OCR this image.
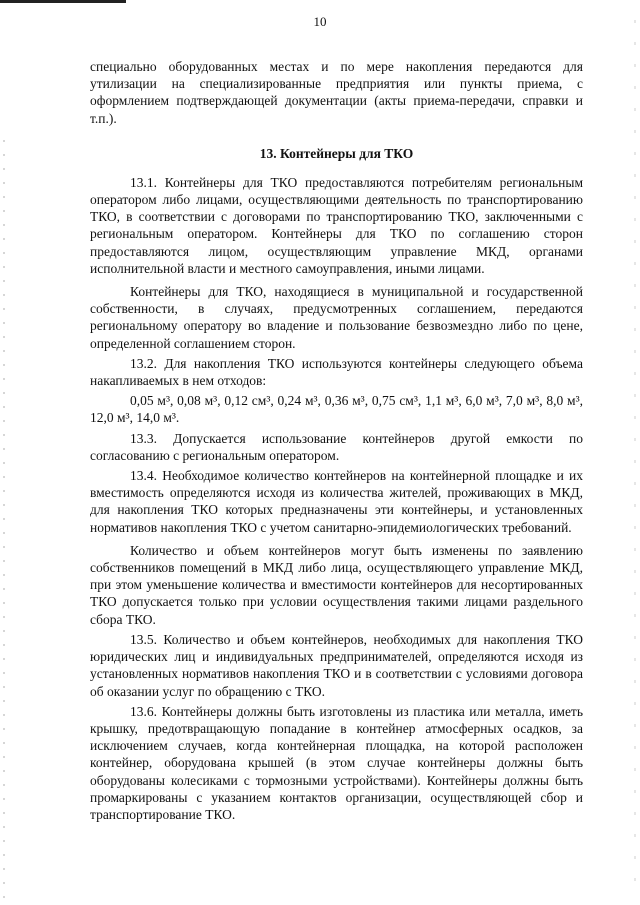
10

специально оборудованных местах и по мере накопления передаются для утилизации на специализированные предприятия или пункты приема, с оформлением подтверждающей документации (акты приема-передачи, справки и т.п.).

13. Контейнеры для ТКО

13.1. Контейнеры для ТКО предоставляются потребителям региональным оператором либо лицами, осуществляющими деятельность по транспортированию ТКО, в соответствии с договорами по транспортированию ТКО, заключенными с региональным оператором. Контейнеры для ТКО по соглашению сторон предоставляются лицом, осуществляющим управление МКД, органами исполнительной власти и местного самоуправления, иными лицами.

Контейнеры для ТКО, находящиеся в муниципальной и государственной собственности, в случаях, предусмотренных соглашением, передаются региональному оператору во владение и пользование безвозмездно либо по цене, определенной соглашением сторон.

13.2. Для накопления ТКО используются контейнеры следующего объема накапливаемых в нем отходов:

0,05 м³, 0,08 м³, 0,12 см³, 0,24 м³, 0,36 м³, 0,75 см³, 1,1 м³, 6,0 м³, 7,0 м³, 8,0 м³, 12,0 м³, 14,0 м³.

13.3. Допускается использование контейнеров другой емкости по согласованию с региональным оператором.

13.4. Необходимое количество контейнеров на контейнерной площадке и их вместимость определяются исходя из количества жителей, проживающих в МКД, для накопления ТКО которых предназначены эти контейнеры, и установленных нормативов накопления ТКО с учетом санитарно-эпидемиологических требований.

Количество и объем контейнеров могут быть изменены по заявлению собственников помещений в МКД либо лица, осуществляющего управление МКД, при этом уменьшение количества и вместимости контейнеров для несортированных ТКО допускается только при условии осуществления такими лицами раздельного сбора ТКО.

13.5. Количество и объем контейнеров, необходимых для накопления ТКО юридических лиц и индивидуальных предпринимателей, определяются исходя из установленных нормативов накопления ТКО и в соответствии с условиями договора об оказании услуг по обращению с ТКО.

13.6. Контейнеры должны быть изготовлены из пластика или металла, иметь крышку, предотвращающую попадание в контейнер атмосферных осадков, за исключением случаев, когда контейнерная площадка, на которой расположен контейнер, оборудована крышей (в этом случае контейнеры должны быть оборудованы колесиками с тормозными устройствами). Контейнеры должны быть промаркированы с указанием контактов организации, осуществляющей сбор и транспортирование ТКО.
